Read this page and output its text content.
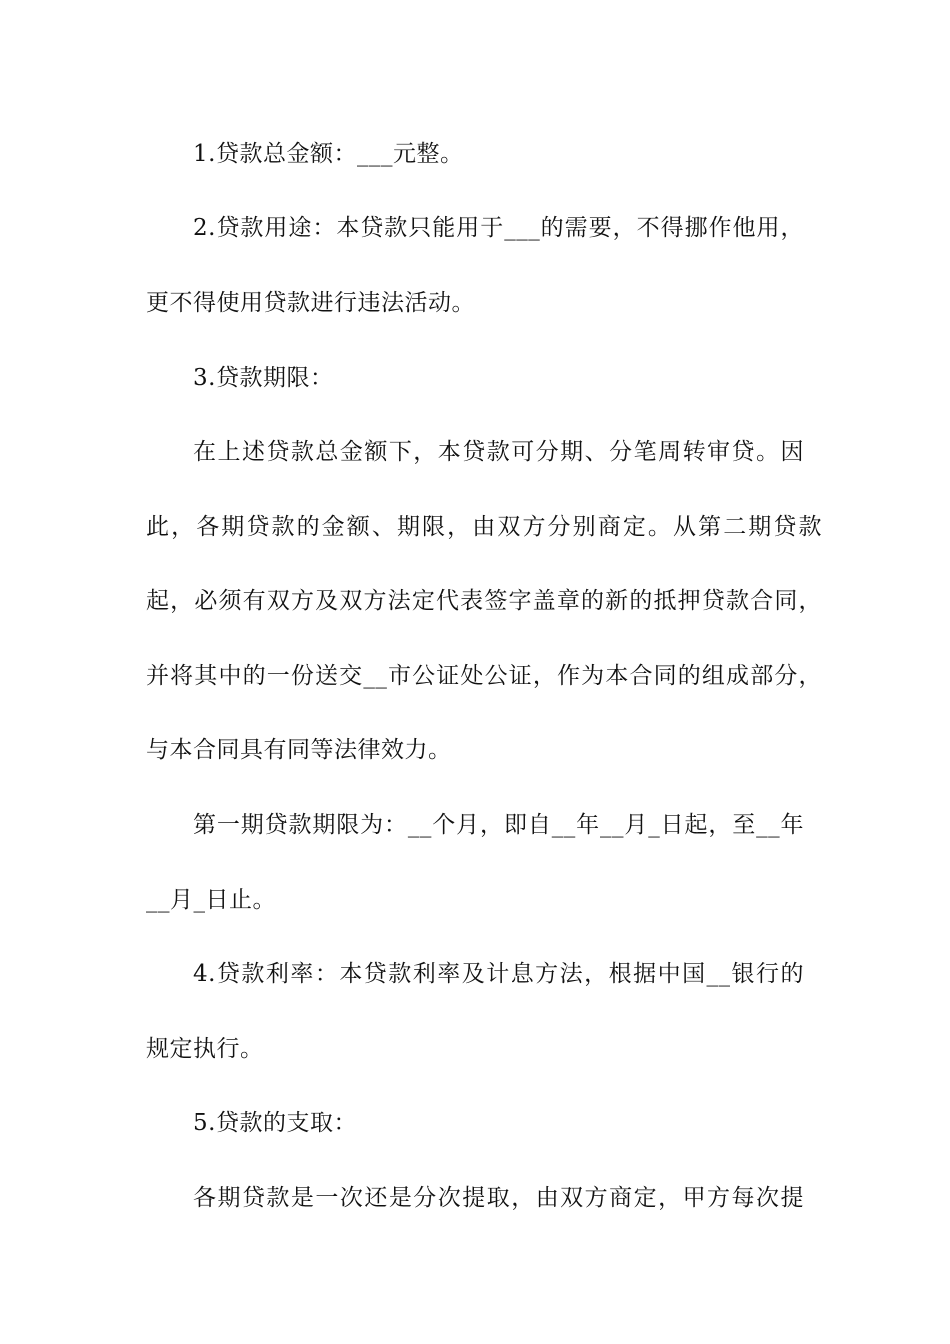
1.贷款总金额：___元整。
2.贷款用途：本贷款只能用于___的需要，不得挪作他用，
更不得使用贷款进行违法活动。
3.贷款期限：
在上述贷款总金额下，本贷款可分期、分笔周转审贷。因
此，各期贷款的金额、期限，由双方分别商定。从第二期贷款
起，必须有双方及双方法定代表签字盖章的新的抵押贷款合同，
并将其中的一份送交__市公证处公证，作为本合同的组成部分，
与本合同具有同等法律效力。
第一期贷款期限为：__个月，即自__年__月_日起，至__年
__月_日止。
4.贷款利率：本贷款利率及计息方法，根据中国__银行的
规定执行。
5.贷款的支取：
各期贷款是一次还是分次提取，由双方商定，甲方每次提
